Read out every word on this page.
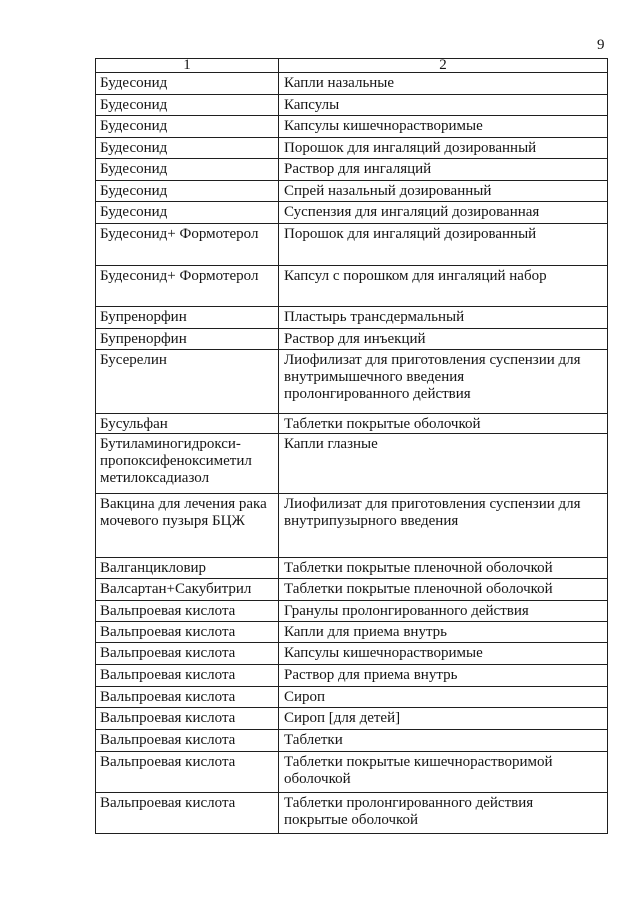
9
1	2
Будесонид	Капли назальные
Будесонид	Капсулы
Будесонид	Капсулы кишечнорастворимые
Будесонид	Порошок для ингаляций дозированный
Будесонид	Раствор для ингаляций
Будесонид	Спрей назальный дозированный
Будесонид	Суспензия для ингаляций дозированная
Будесонид+ Формотерол	Порошок для ингаляций дозированный
Будесонид+ Формотерол	Капсул с порошком для ингаляций набор
Бупренорфин	Пластырь трансдермальный
Бупренорфин	Раствор для инъекций
Бусерелин	Лиофилизат для приготовления суспензии для
внутримышечного введения
пролонгированного действия
Бусульфан	Таблетки покрытые оболочкой
Бутиламиногидрокси-
пропоксифеноксиметил
метилоксадиазол	Капли глазные
Вакцина для лечения рака
мочевого пузыря БЦЖ	Лиофилизат для приготовления суспензии для
внутрипузырного введения
Валганцикловир	Таблетки покрытые пленочной оболочкой
Валсартан+Сакубитрил	Таблетки покрытые пленочной оболочкой
Вальпроевая кислота	Гранулы пролонгированного действия
Вальпроевая кислота	Капли для приема внутрь
Вальпроевая кислота	Капсулы кишечнорастворимые
Вальпроевая кислота	Раствор для приема внутрь
Вальпроевая кислота	Сироп
Вальпроевая кислота	Сироп [для детей]
Вальпроевая кислота	Таблетки
Вальпроевая кислота	Таблетки покрытые кишечнорастворимой
оболочкой
Вальпроевая кислота	Таблетки пролонгированного действия
покрытые оболочкой
